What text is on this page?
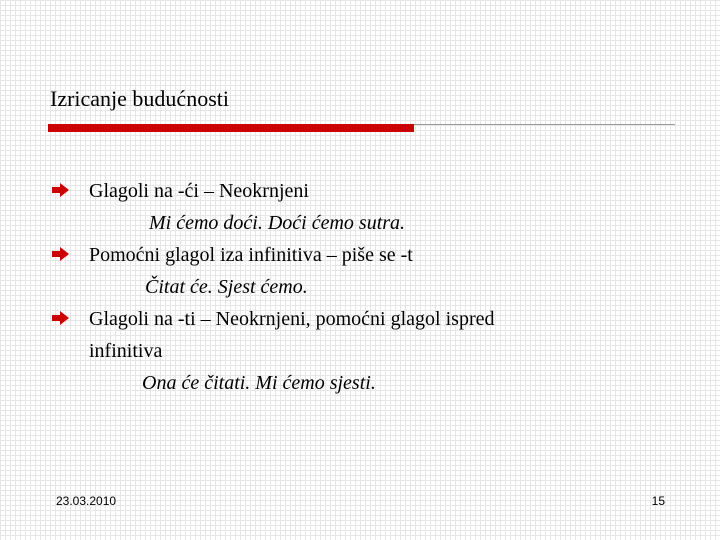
Izricanje budućnosti
Glagoli na -ći – Neokrnjeni
Mi ćemo doći. Doći ćemo sutra.
Pomoćni glagol iza infinitiva – piše se -t
Čitat će. Sjest ćemo.
Glagoli na -ti – Neokrnjeni, pomoćni glagol ispred
infinitiva
Ona će čitati. Mi ćemo sjesti.
23.03.2010	15
